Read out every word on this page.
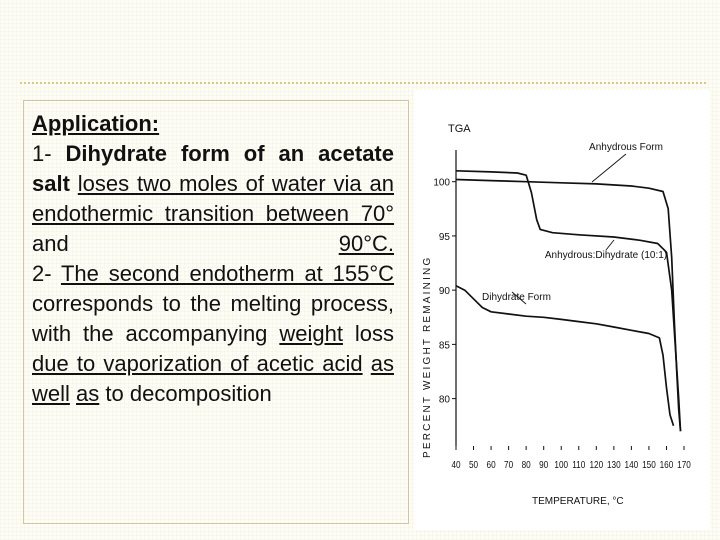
Application:
1- Dihydrate form of an acetate salt loses two moles of water via an endothermic transition between 70° and	90°C.
2- The second endotherm at 155°C corresponds to the melting process, with the accompanying weight loss due to vaporization of acetic acid as well as to decomposition
TGA
PERCENT WEIGHT REMAINING
TEMPERATURE, °C
80
85
90
95
100
40 50 60 70 80 90 100 110 120 130 140 150 160 170
Anhydrous Form
Anhydrous:Dihydrate (10:1)
Dihydrate Form
